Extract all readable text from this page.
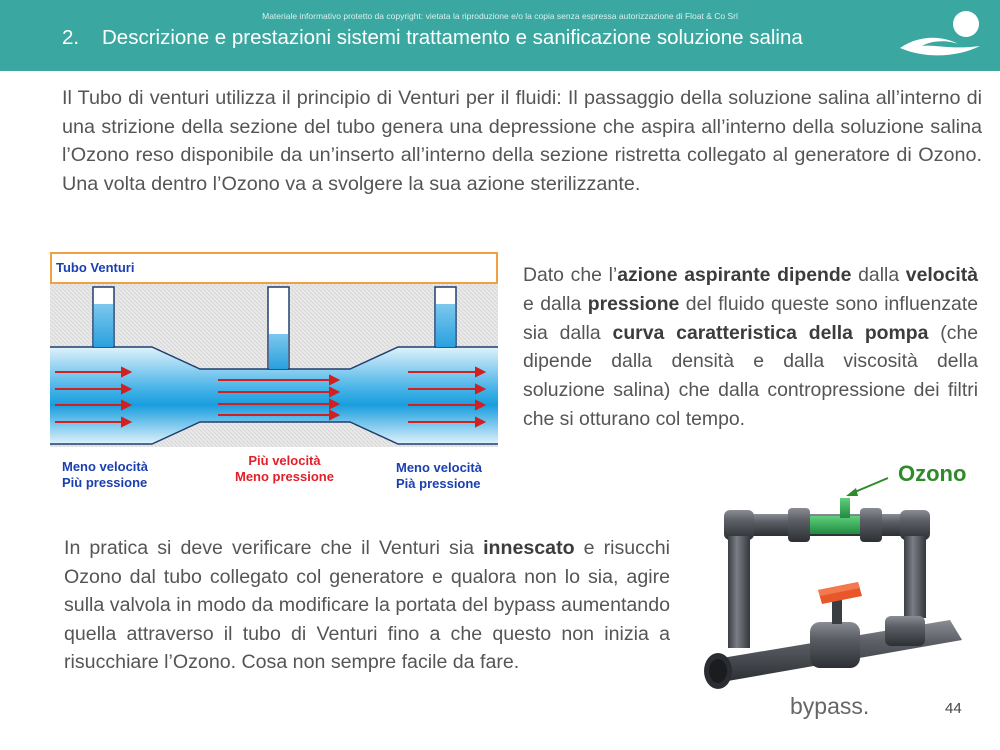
Materiale informativo protetto da copyright: vietata la riproduzione e/o la copia senza espressa autorizzazione di Float & Co Srl
2. Descrizione e prestazioni sistemi trattamento e sanificazione soluzione salina
Il Tubo di venturi utilizza il principio di Venturi per il fluidi: Il passaggio della soluzione salina all’interno di una strizione della sezione del tubo genera una depressione che aspira all’interno della soluzione salina l’Ozono reso disponibile da un’inserto all’interno della sezione ristretta collegato al generatore di Ozono. Una volta dentro l’Ozono va a svolgere la sua azione sterilizzante.
Tubo Venturi
Meno velocità
Più pressione
Più velocità
Meno pressione
Meno velocità
Pià pressione
Dato che l’azione aspirante dipende dalla velocità e dalla pressione del fluido queste sono influenzate sia dalla curva caratteristica della pompa (che dipende dalla densità e dalla viscosità della soluzione salina) che dalla contropressione dei filtri che si otturano col tempo.
In pratica si deve verificare che il Venturi sia innescato e risucchi Ozono dal tubo collegato col generatore e qualora non lo sia, agire sulla valvola in modo da modificare la portata del bypass aumentando quella attraverso il tubo di Venturi fino a che questo non inizia a risucchiare l’Ozono. Cosa non sempre facile da fare.
Ozono
bypass.	44
